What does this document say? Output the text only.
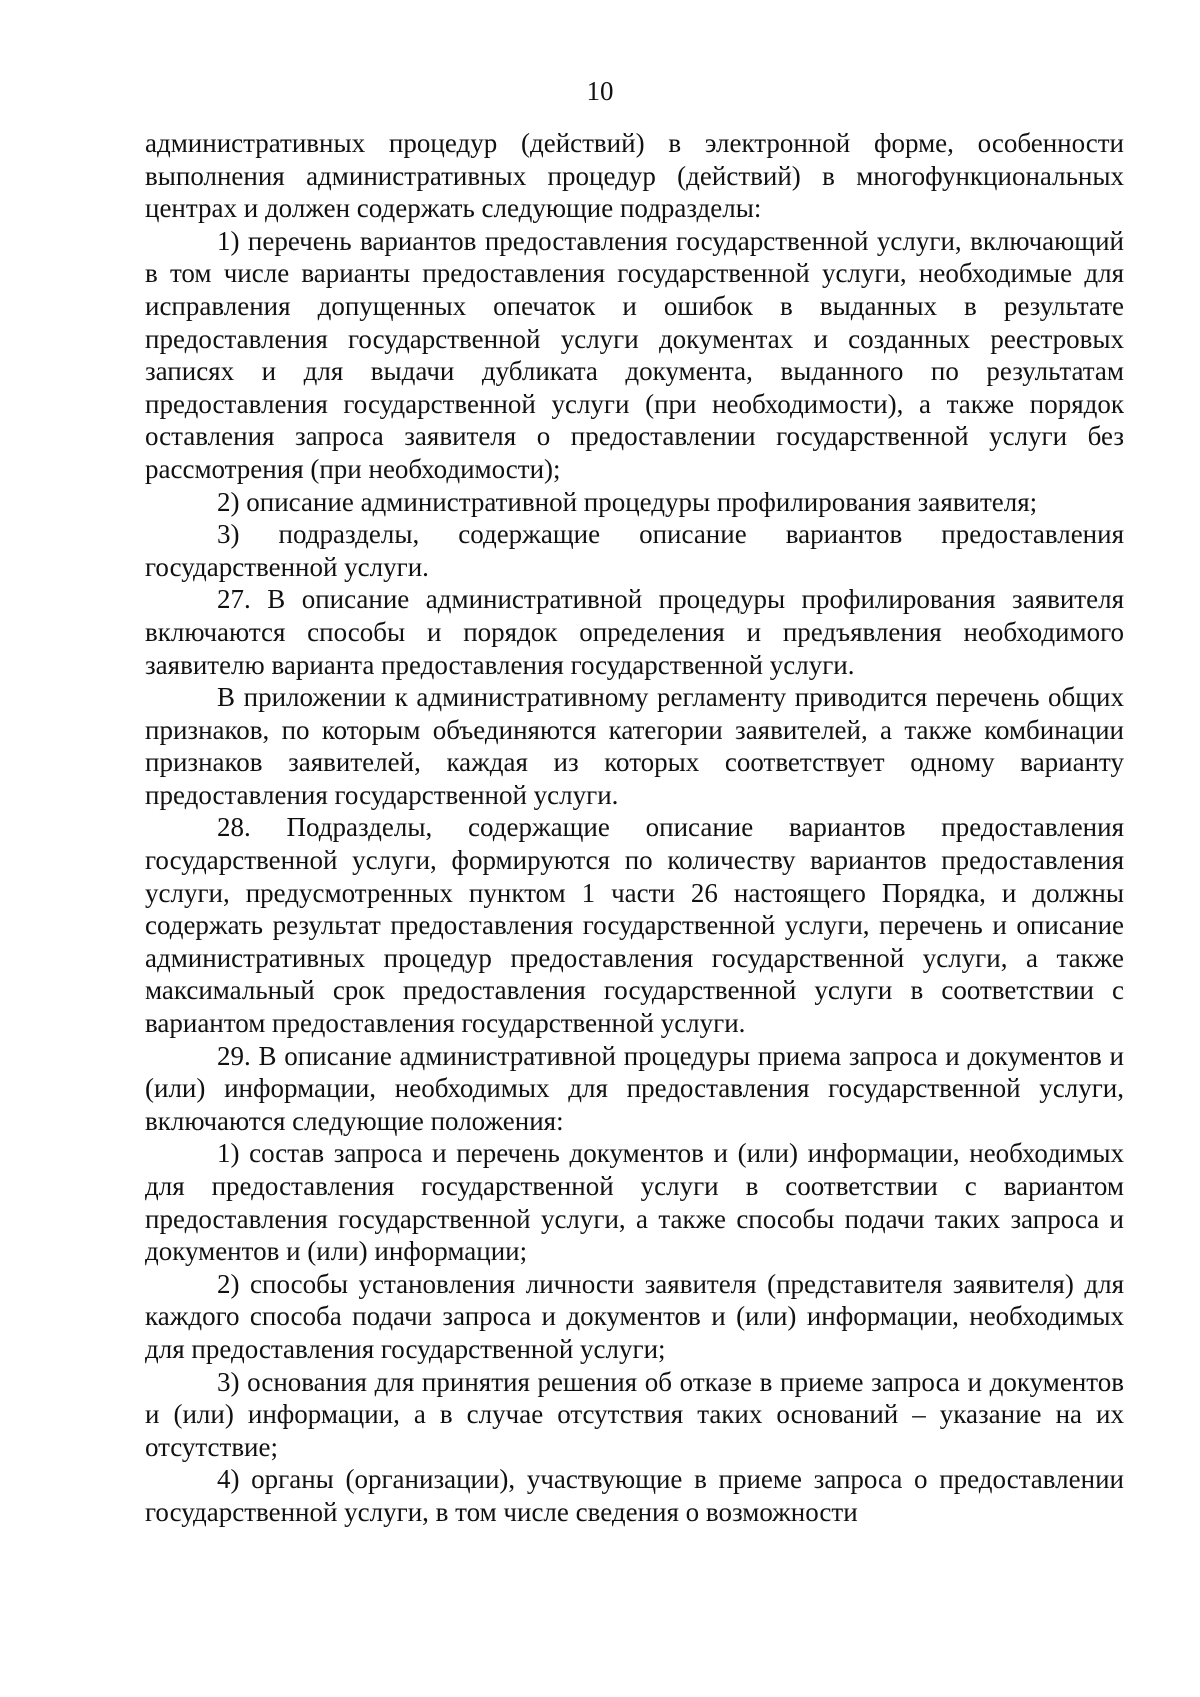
10

административных процедур (действий) в электронной форме, особенности выполнения административных процедур (действий) в многофункциональных центрах и должен содержать следующие подразделы:

1) перечень вариантов предоставления государственной услуги, включающий в том числе варианты предоставления государственной услуги, необходимые для исправления допущенных опечаток и ошибок в выданных в результате предоставления государственной услуги документах и созданных реестровых записях и для выдачи дубликата документа, выданного по результатам предоставления государственной услуги (при необходимости), а также порядок оставления запроса заявителя о предоставлении государственной услуги без рассмотрения (при необходимости);

2) описание административной процедуры профилирования заявителя;

3) подразделы, содержащие описание вариантов предоставления государственной услуги.

27. В описание административной процедуры профилирования заявителя включаются способы и порядок определения и предъявления необходимого заявителю варианта предоставления государственной услуги.

В приложении к административному регламенту приводится перечень общих признаков, по которым объединяются категории заявителей, а также комбинации признаков заявителей, каждая из которых соответствует одному варианту предоставления государственной услуги.

28. Подразделы, содержащие описание вариантов предоставления государственной услуги, формируются по количеству вариантов предоставления услуги, предусмотренных пунктом 1 части 26 настоящего Порядка, и должны содержать результат предоставления государственной услуги, перечень и описание административных процедур предоставления государственной услуги, а также максимальный срок предоставления государственной услуги в соответствии с вариантом предоставления государственной услуги.

29. В описание административной процедуры приема запроса и документов и (или) информации, необходимых для предоставления государственной услуги, включаются следующие положения:

1) состав запроса и перечень документов и (или) информации, необходимых для предоставления государственной услуги в соответствии с вариантом предоставления государственной услуги, а также способы подачи таких запроса и документов и (или) информации;

2) способы установления личности заявителя (представителя заявителя) для каждого способа подачи запроса и документов и (или) информации, необходимых для предоставления государственной услуги;

3) основания для принятия решения об отказе в приеме запроса и документов и (или) информации, а в случае отсутствия таких оснований – указание на их отсутствие;

4) органы (организации), участвующие в приеме запроса о предоставлении государственной услуги, в том числе сведения о возможности
